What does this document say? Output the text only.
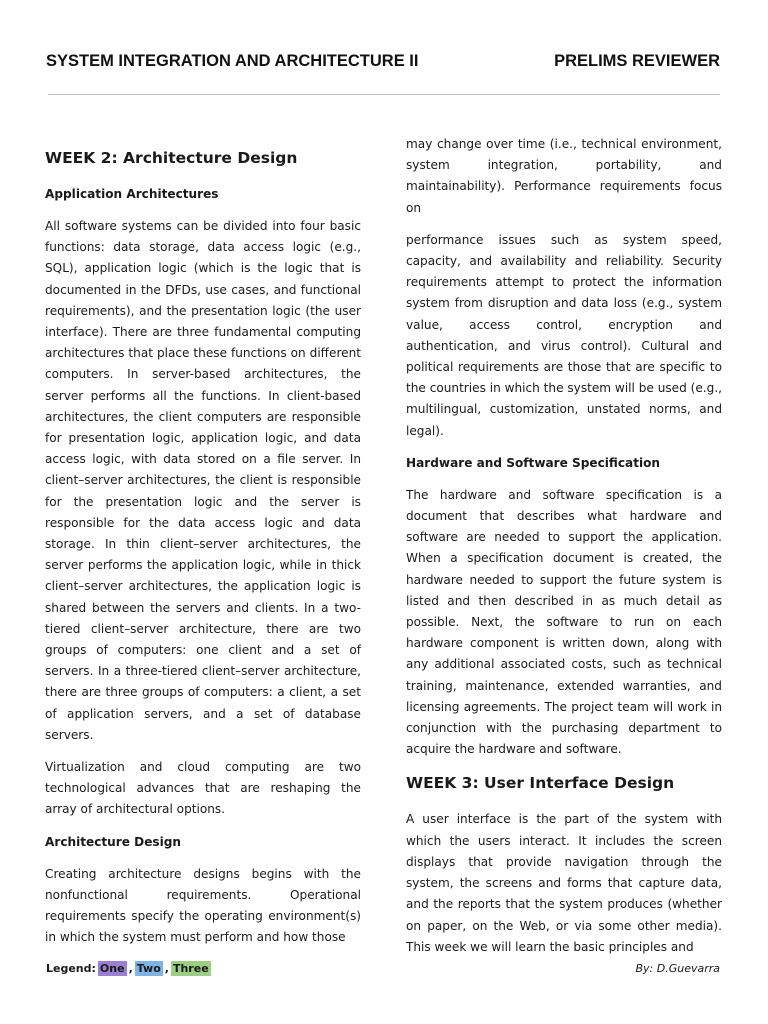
SYSTEM INTEGRATION AND ARCHITECTURE II	PRELIMS REVIEWER
WEEK 2: Architecture Design
Application Architectures

All software systems can be divided into four basic functions: data storage, data access logic (e.g., SQL), application logic (which is the logic that is documented in the DFDs, use cases, and functional requirements), and the presentation logic (the user interface). There are three fundamental computing architectures that place these functions on different computers. In server-based architectures, the server performs all the functions. In client-based architectures, the client computers are responsible for presentation logic, application logic, and data access logic, with data stored on a file server. In client–server architectures, the client is responsible for the presentation logic and the server is responsible for the data access logic and data storage. In thin client–server architectures, the server performs the application logic, while in thick client–server architectures, the application logic is shared between the servers and clients. In a two-tiered client–server architecture, there are two groups of computers: one client and a set of servers. In a three-tiered client–server architecture, there are three groups of computers: a client, a set of application servers, and a set of database servers.

Virtualization and cloud computing are two technological advances that are reshaping the array of architectural options.

Architecture Design

Creating architecture designs begins with the nonfunctional requirements. Operational requirements specify the operating environment(s) in which the system must perform and how those

may change over time (i.e., technical environment, system integration, portability, and maintainability). Performance requirements focus on

performance issues such as system speed, capacity, and availability and reliability. Security requirements attempt to protect the information system from disruption and data loss (e.g., system value, access control, encryption and authentication, and virus control). Cultural and political requirements are those that are specific to the countries in which the system will be used (e.g., multilingual, customization, unstated norms, and legal).

Hardware and Software Specification

The hardware and software specification is a document that describes what hardware and software are needed to support the application. When a specification document is created, the hardware needed to support the future system is listed and then described in as much detail as possible. Next, the software to run on each hardware component is written down, along with any additional associated costs, such as technical training, maintenance, extended warranties, and licensing agreements. The project team will work in conjunction with the purchasing department to acquire the hardware and software.

WEEK 3: User Interface Design

A user interface is the part of the system with which the users interact. It includes the screen displays that provide navigation through the system, the screens and forms that capture data, and the reports that the system produces (whether on paper, on the Web, or via some other media). This week we will learn the basic principles and

Legend: One , Two , Three	By: D.Guevarra
